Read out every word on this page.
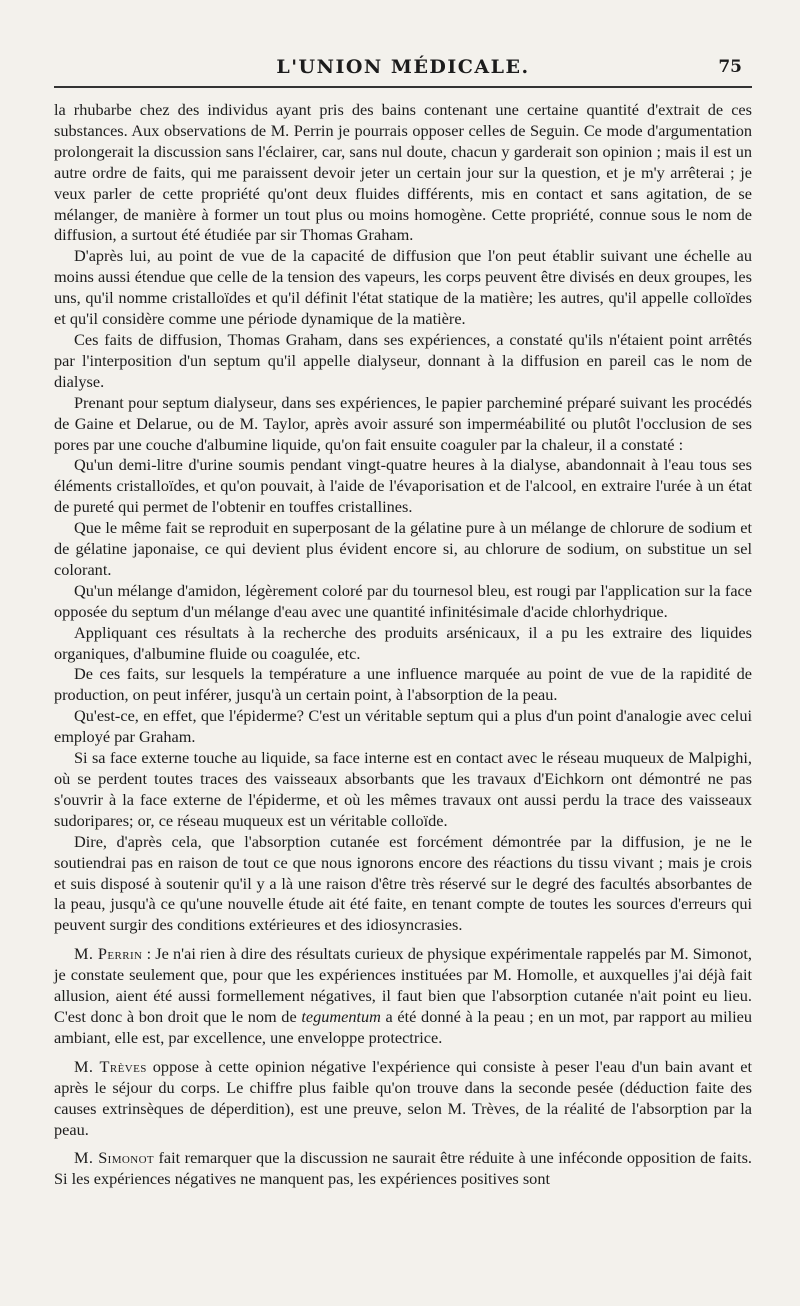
L'UNION MÉDICALE.	75

la rhubarbe chez des individus ayant pris des bains contenant une certaine quantité d'extrait de ces substances. Aux observations de M. Perrin je pourrais opposer celles de Seguin. Ce mode d'argumentation prolongerait la discussion sans l'éclairer, car, sans nul doute, chacun y garderait son opinion ; mais il est un autre ordre de faits, qui me paraissent devoir jeter un certain jour sur la question, et je m'y arrêterai ; je veux parler de cette propriété qu'ont deux fluides différents, mis en contact et sans agitation, de se mélanger, de manière à former un tout plus ou moins homogène. Cette propriété, connue sous le nom de diffusion, a surtout été étudiée par sir Thomas Graham.

D'après lui, au point de vue de la capacité de diffusion que l'on peut établir suivant une échelle au moins aussi étendue que celle de la tension des vapeurs, les corps peuvent être divisés en deux groupes, les uns, qu'il nomme cristalloïdes et qu'il définit l'état statique de la matière; les autres, qu'il appelle colloïdes et qu'il considère comme une période dynamique de la matière.

Ces faits de diffusion, Thomas Graham, dans ses expériences, a constaté qu'ils n'étaient point arrêtés par l'interposition d'un septum qu'il appelle dialyseur, donnant à la diffusion en pareil cas le nom de dialyse.

Prenant pour septum dialyseur, dans ses expériences, le papier parcheminé préparé suivant les procédés de Gaine et Delarue, ou de M. Taylor, après avoir assuré son imperméabilité ou plutôt l'occlusion de ses pores par une couche d'albumine liquide, qu'on fait ensuite coaguler par la chaleur, il a constaté :

Qu'un demi-litre d'urine soumis pendant vingt-quatre heures à la dialyse, abandonnait à l'eau tous ses éléments cristalloïdes, et qu'on pouvait, à l'aide de l'évaporisation et de l'alcool, en extraire l'urée à un état de pureté qui permet de l'obtenir en touffes cristallines.

Que le même fait se reproduit en superposant de la gélatine pure à un mélange de chlorure de sodium et de gélatine japonaise, ce qui devient plus évident encore si, au chlorure de sodium, on substitue un sel colorant.

Qu'un mélange d'amidon, légèrement coloré par du tournesol bleu, est rougi par l'application sur la face opposée du septum d'un mélange d'eau avec une quantité infinitésimale d'acide chlorhydrique.

Appliquant ces résultats à la recherche des produits arsénicaux, il a pu les extraire des liquides organiques, d'albumine fluide ou coagulée, etc.

De ces faits, sur lesquels la température a une influence marquée au point de vue de la rapidité de production, on peut inférer, jusqu'à un certain point, à l'absorption de la peau.

Qu'est-ce, en effet, que l'épiderme? C'est un véritable septum qui a plus d'un point d'analogie avec celui employé par Graham.

Si sa face externe touche au liquide, sa face interne est en contact avec le réseau muqueux de Malpighi, où se perdent toutes traces des vaisseaux absorbants que les travaux d'Eichkorn ont démontré ne pas s'ouvrir à la face externe de l'épiderme, et où les mêmes travaux ont aussi perdu la trace des vaisseaux sudoripares; or, ce réseau muqueux est un véritable colloïde.

Dire, d'après cela, que l'absorption cutanée est forcément démontrée par la diffusion, je ne le soutiendrai pas en raison de tout ce que nous ignorons encore des réactions du tissu vivant ; mais je crois et suis disposé à soutenir qu'il y a là une raison d'être très réservé sur le degré des facultés absorbantes de la peau, jusqu'à ce qu'une nouvelle étude ait été faite, en tenant compte de toutes les sources d'erreurs qui peuvent surgir des conditions extérieures et des idiosyncrasies.

M. Perrin : Je n'ai rien à dire des résultats curieux de physique expérimentale rappelés par M. Simonot, je constate seulement que, pour que les expériences instituées par M. Homolle, et auxquelles j'ai déjà fait allusion, aient été aussi formellement négatives, il faut bien que l'absorption cutanée n'ait point eu lieu. C'est donc à bon droit que le nom de tegumentum a été donné à la peau ; en un mot, par rapport au milieu ambiant, elle est, par excellence, une enveloppe protectrice.

M. Trèves oppose à cette opinion négative l'expérience qui consiste à peser l'eau d'un bain avant et après le séjour du corps. Le chiffre plus faible qu'on trouve dans la seconde pesée (déduction faite des causes extrinsèques de déperdition), est une preuve, selon M. Trèves, de la réalité de l'absorption par la peau.

M. Simonot fait remarquer que la discussion ne saurait être réduite à une inféconde opposition de faits. Si les expériences négatives ne manquent pas, les expériences positives sont
